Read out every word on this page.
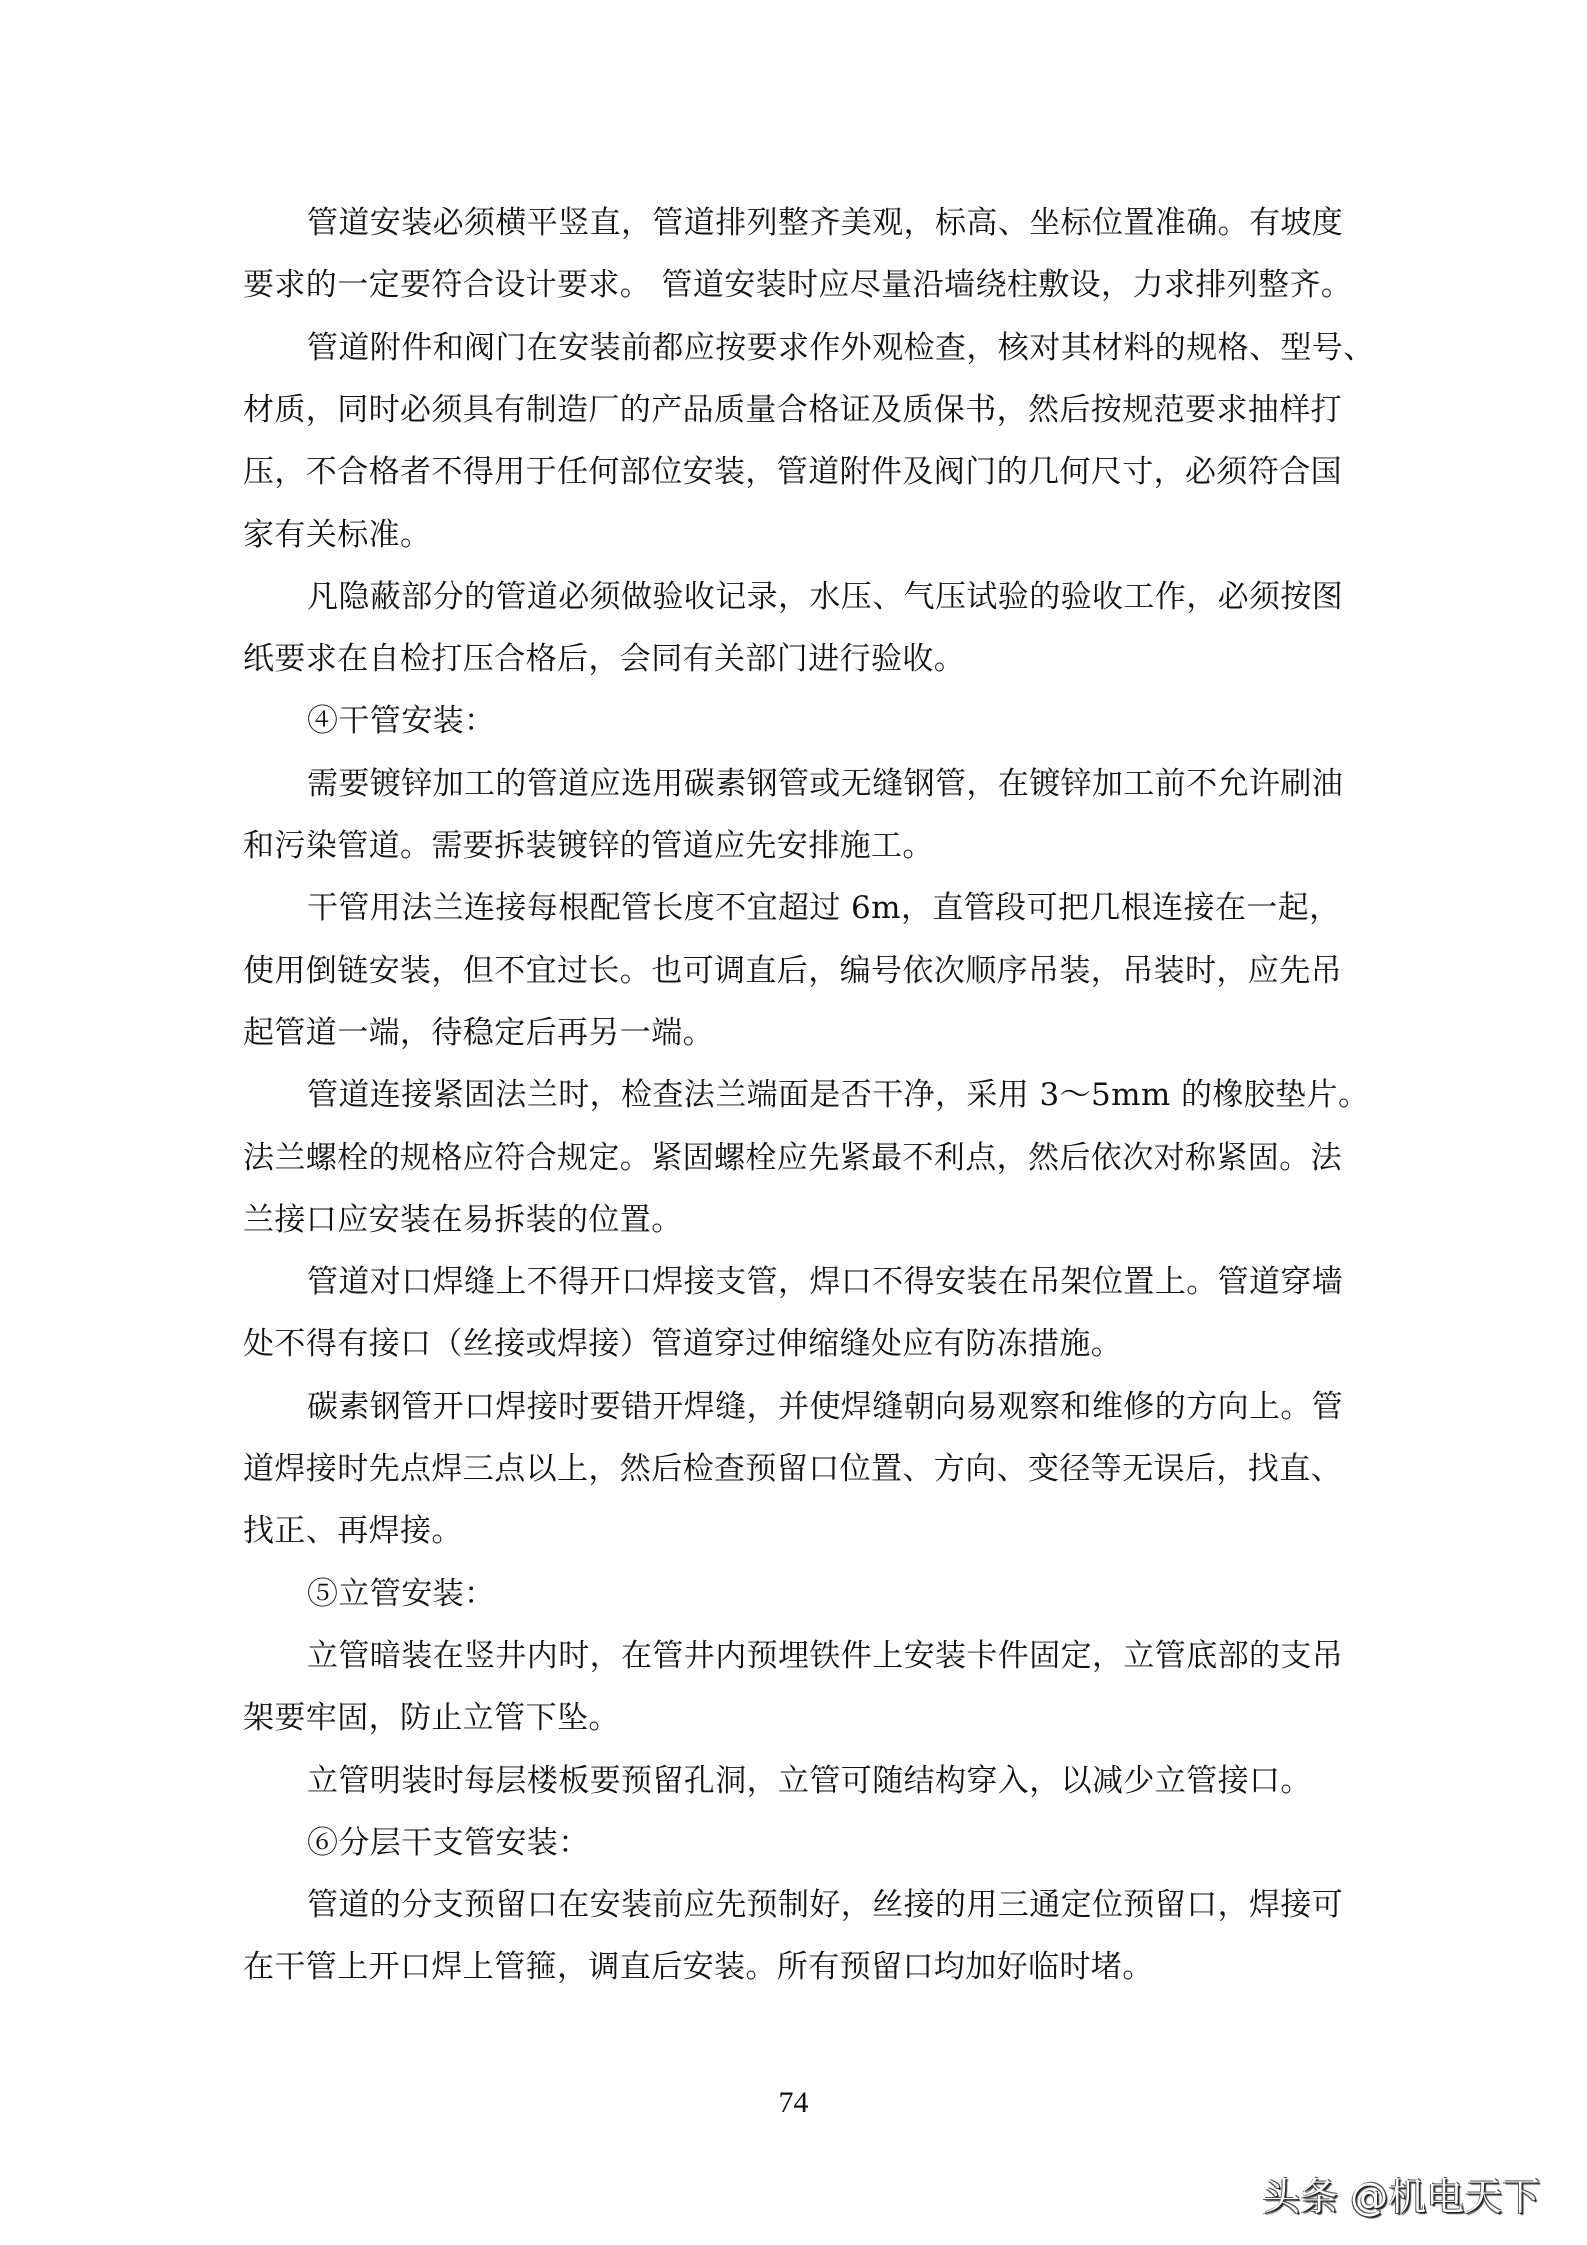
管道安装必须横平竖直，管道排列整齐美观，标高、坐标位置准确。有坡度
要求的一定要符合设计要求。 管道安装时应尽量沿墙绕柱敷设，力求排列整齐。
管道附件和阀门在安装前都应按要求作外观检查，核对其材料的规格、型号、
材质，同时必须具有制造厂的产品质量合格证及质保书，然后按规范要求抽样打
压，不合格者不得用于任何部位安装，管道附件及阀门的几何尺寸，必须符合国
家有关标准。
凡隐蔽部分的管道必须做验收记录，水压、气压试验的验收工作，必须按图
纸要求在自检打压合格后，会同有关部门进行验收。
④干管安装：
需要镀锌加工的管道应选用碳素钢管或无缝钢管，在镀锌加工前不允许刷油
和污染管道。需要拆装镀锌的管道应先安排施工。
干管用法兰连接每根配管长度不宜超过 6m，直管段可把几根连接在一起，
使用倒链安装，但不宜过长。也可调直后，编号依次顺序吊装，吊装时，应先吊
起管道一端，待稳定后再另一端。
管道连接紧固法兰时，检查法兰端面是否干净，采用 3～5mm 的橡胶垫片。
法兰螺栓的规格应符合规定。紧固螺栓应先紧最不利点，然后依次对称紧固。法
兰接口应安装在易拆装的位置。
管道对口焊缝上不得开口焊接支管，焊口不得安装在吊架位置上。管道穿墙
处不得有接口（丝接或焊接）管道穿过伸缩缝处应有防冻措施。
碳素钢管开口焊接时要错开焊缝，并使焊缝朝向易观察和维修的方向上。管
道焊接时先点焊三点以上，然后检查预留口位置、方向、变径等无误后，找直、
找正、再焊接。
⑤立管安装：
立管暗装在竖井内时，在管井内预埋铁件上安装卡件固定，立管底部的支吊
架要牢固，防止立管下坠。
立管明装时每层楼板要预留孔洞，立管可随结构穿入，以减少立管接口。
⑥分层干支管安装：
管道的分支预留口在安装前应先预制好，丝接的用三通定位预留口，焊接可
在干管上开口焊上管箍，调直后安装。所有预留口均加好临时堵。
74
头条 @机电天下
